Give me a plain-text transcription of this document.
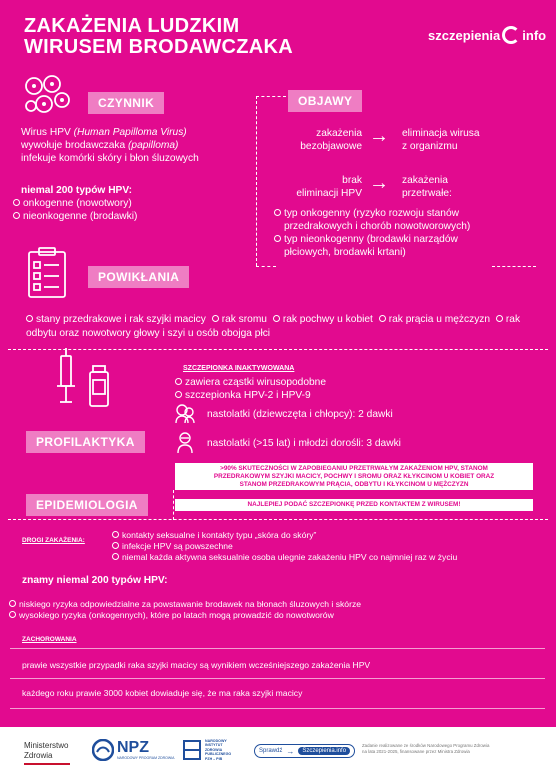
ZAKAŻENIA LUDZKIM
WIRUSEM BRODAWCZAKA
szczepienia info
CZYNNIK
Wirus HPV (Human Papilloma Virus)
wywołuje brodawczaka (papilloma)
infekuje komórki skóry i błon śluzowych
niemal 200 typów HPV:
onkogenne (nowotwory)
nieonkogenne (brodawki)
OBJAWY
zakażenia
bezobjawowe → eliminacja wirusa
z organizmu
brak
eliminacji HPV → zakażenia
przetrwałe:
typ onkogenny (ryzyko rozwoju stanów
przedrakowych i chorób nowotworowych)
typ nieonkogenny (brodawki narządów
płciowych, brodawki krtani)
POWIKŁANIA
stany przedrakowe i rak szyjki macicy rak sromu rak pochwy u kobiet rak prącia u mężczyzn rak odbytu oraz nowotwory głowy i szyi u osób obojga płci
PROFILAKTYKA
SZCZEPIONKA INAKTYWOWANA
zawiera cząstki wirusopodobne
szczepionka HPV-2 i HPV-9
nastolatki (dziewczęta i chłopcy): 2 dawki
nastolatki (>15 lat) i młodzi dorośli: 3 dawki
>90% SKUTECZNOŚCI W ZAPOBIEGANIU PRZETRWAŁYM ZAKAŻENIOM HPV, STANOM
PRZEDRAKOWYM SZYJKI MACICY, POCHWY I SROMU ORAZ KŁYKCINOM U KOBIET ORAZ
STANOM PRZEDRAKOWYM PRĄCIA, ODBYTU I KŁYKCINOM U MĘŻCZYZN
NAJLEPIEJ PODAĆ SZCZEPIONKĘ PRZED KONTAKTEM Z WIRUSEM!
EPIDEMIOLOGIA
DROGI ZAKAŻENIA:
kontakty seksualne i kontakty typu „skóra do skóry”
infekcje HPV są powszechne
niemal każda aktywna seksualnie osoba ulegnie zakażeniu HPV co najmniej raz w życiu
znamy niemal 200 typów HPV:
niskiego ryzyka odpowiedzialne za powstawanie brodawek na błonach śluzowych i skórze
wysokiego ryzyka (onkogennych), które po latach mogą prowadzić do nowotworów
ZACHOROWANIA
prawie wszystkie przypadki raka szyjki macicy są wynikiem wcześniejszego zakażenia HPV
każdego roku prawie 3000 kobiet dowiaduje się, że ma raka szyjki macicy
Ministerstwo
Zdrowia	NPZ
NARODOWY PROGRAM ZDROWIA
NARODOWY
INSTYTUT
ZDROWIA
PUBLICZNEGO
PZH – PIB
Sprawdź →	Szczepienia.info
Zadanie realizowane ze środków Narodowego Programu Zdrowia
na lata 2021-2025, finansowane przez Ministra Zdrowia
